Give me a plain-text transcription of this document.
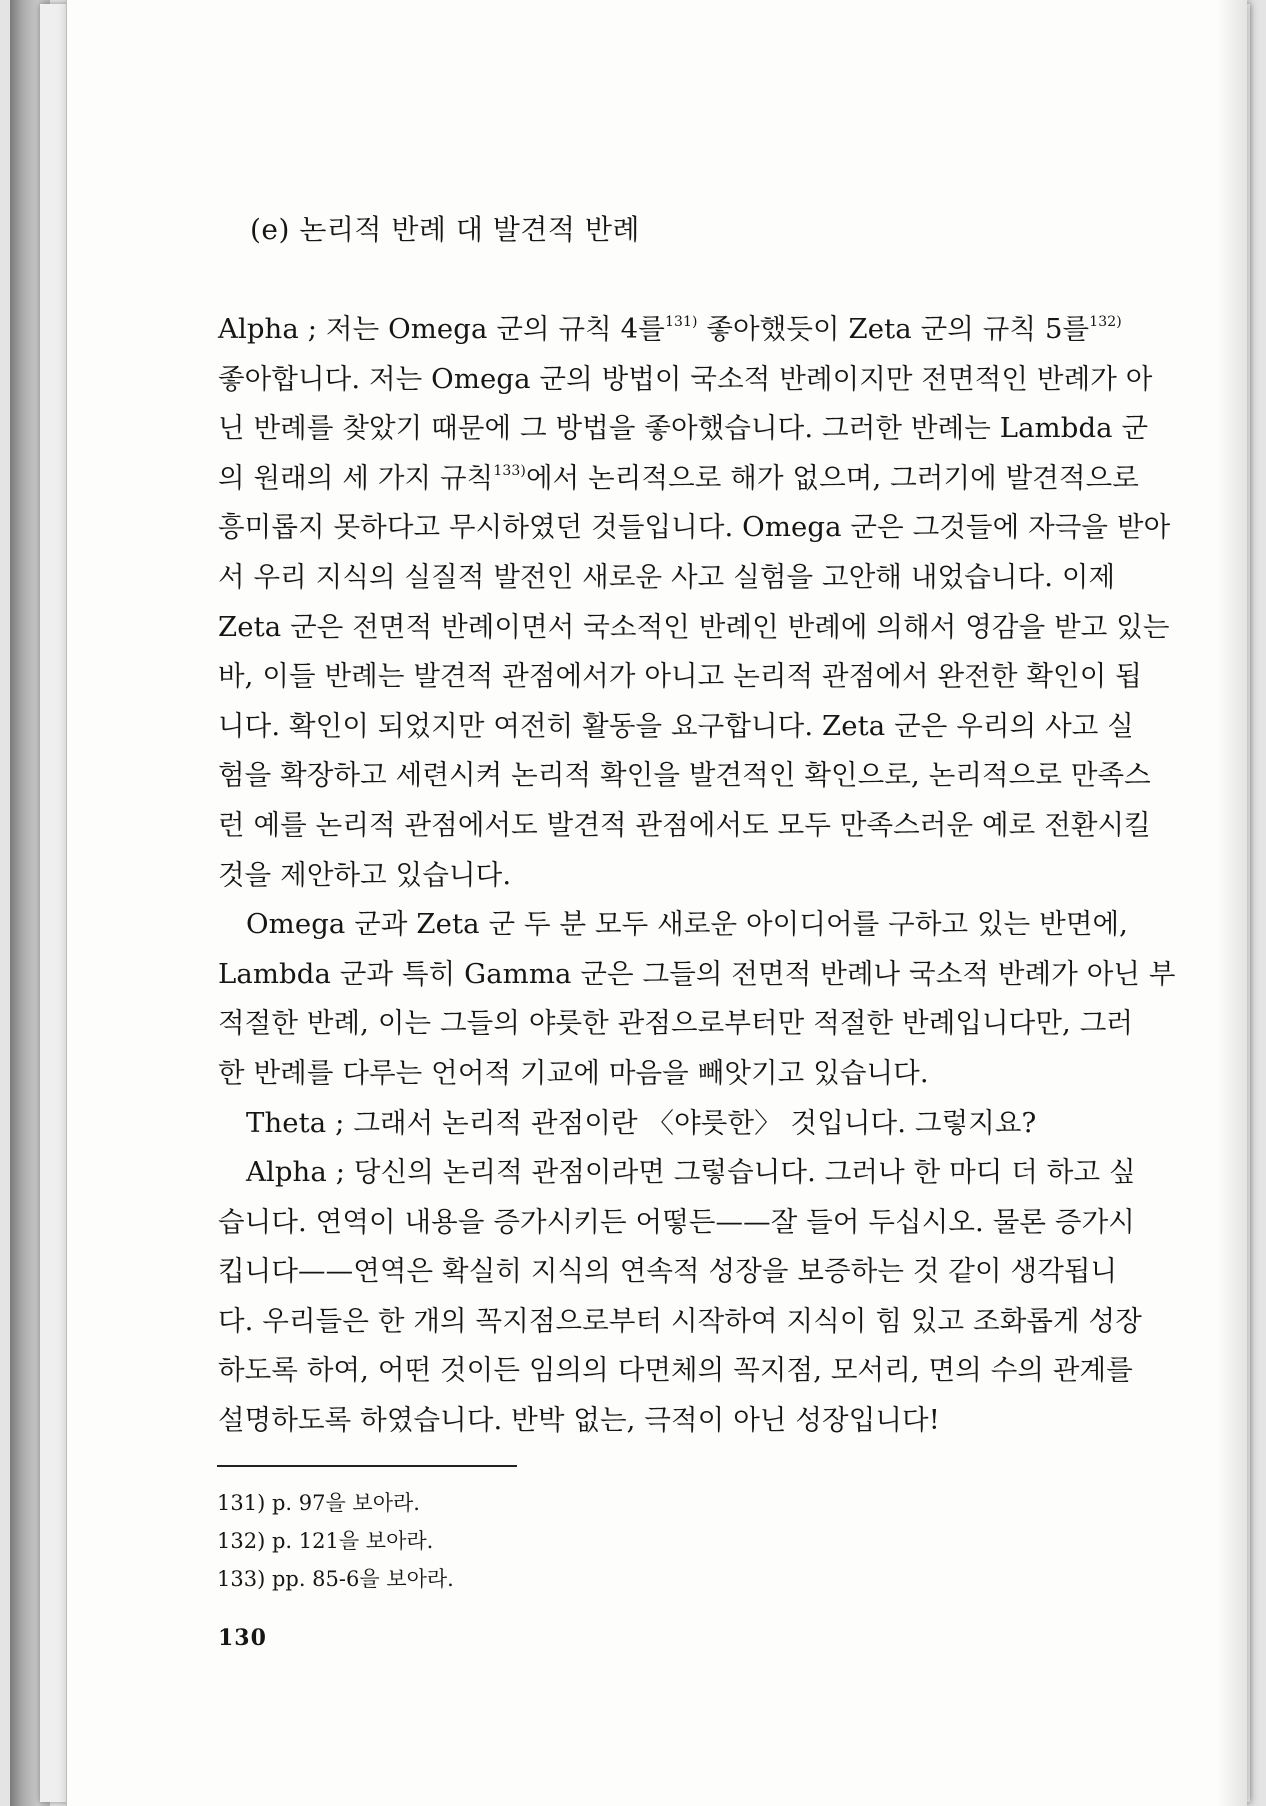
(e) 논리적 반례 대 발견적 반례
Alpha ; 저는 Omega 군의 규칙 4를$^{131)}$ 좋아했듯이 Zeta 군의 규칙 5를$^{132)}$
좋아합니다. 저는 Omega 군의 방법이 국소적 반례이지만 전면적인 반례가 아
닌 반례를 찾았기 때문에 그 방법을 좋아했습니다. 그러한 반례는 Lambda 군
의 원래의 세 가지 규칙$^{133)}$에서 논리적으로 해가 없으며, 그러기에 발견적으로
흥미롭지 못하다고 무시하였던 것들입니다. Omega 군은 그것들에 자극을 받아
서 우리 지식의 실질적 발전인 새로운 사고 실험을 고안해 내었습니다. 이제
Zeta 군은 전면적 반례이면서 국소적인 반례인 반례에 의해서 영감을 받고 있는
바, 이들 반례는 발견적 관점에서가 아니고 논리적 관점에서 완전한 확인이 됩
니다. 확인이 되었지만 여전히 활동을 요구합니다. Zeta 군은 우리의 사고 실
험을 확장하고 세련시켜 논리적 확인을 발견적인 확인으로, 논리적으로 만족스
런 예를 논리적 관점에서도 발견적 관점에서도 모두 만족스러운 예로 전환시킬
것을 제안하고 있습니다.
Omega 군과 Zeta 군 두 분 모두 새로운 아이디어를 구하고 있는 반면에,
Lambda 군과 특히 Gamma 군은 그들의 전면적 반례나 국소적 반례가 아닌 부
적절한 반례, 이는 그들의 야릇한 관점으로부터만 적절한 반례입니다만, 그러
한 반례를 다루는 언어적 기교에 마음을 빼앗기고 있습니다.
Theta ; 그래서 논리적 관점이란 〈야릇한〉 것입니다. 그렇지요?
Alpha ; 당신의 논리적 관점이라면 그렇습니다. 그러나 한 마디 더 하고 싶
습니다. 연역이 내용을 증가시키든 어떻든——잘 들어 두십시오. 물론 증가시
킵니다——연역은 확실히 지식의 연속적 성장을 보증하는 것 같이 생각됩니
다. 우리들은 한 개의 꼭지점으로부터 시작하여 지식이 힘 있고 조화롭게 성장
하도록 하여, 어떤 것이든 임의의 다면체의 꼭지점, 모서리, 면의 수의 관계를
설명하도록 하였습니다. 반박 없는, 극적이 아닌 성장입니다!
131) p. 97을 보아라.
132) p. 121을 보아라.
133) pp. 85-6을 보아라.
130
